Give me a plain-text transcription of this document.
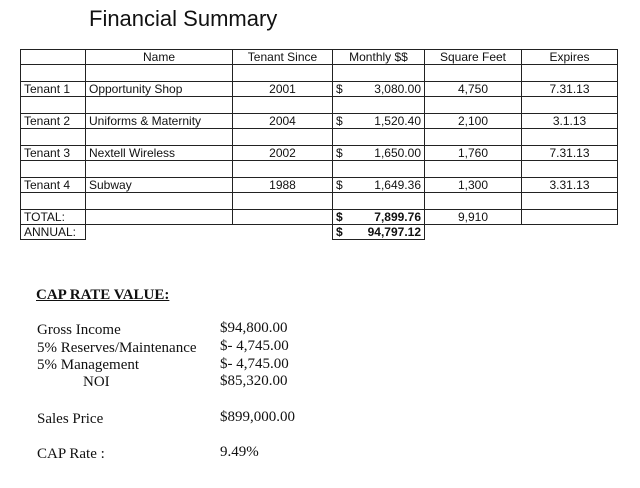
Financial Summary
	Name	Tenant Since	Monthly $$	Square Feet	Expires

Tenant 1	Opportunity Shop	2001	$ 3,080.00	4,750	7.31.13

Tenant 2	Uniforms & Maternity	2004	$ 1,520.40	2,100	3.1.13

Tenant 3	Nextell Wireless	2002	$ 1,650.00	1,760	7.31.13

Tenant 4	Subway	1988	$ 1,649.36	1,300	3.31.13

TOTAL:			$ 7,899.76	9,910	
ANNUAL:			$ 94,797.12		

CAP RATE VALUE:
Gross Income	$94,800.00
5% Reserves/Maintenance $- 4,745.00
5% Management	$- 4,745.00
NOI	$85,320.00
Sales Price	$899,000.00
CAP Rate :	9.49%
